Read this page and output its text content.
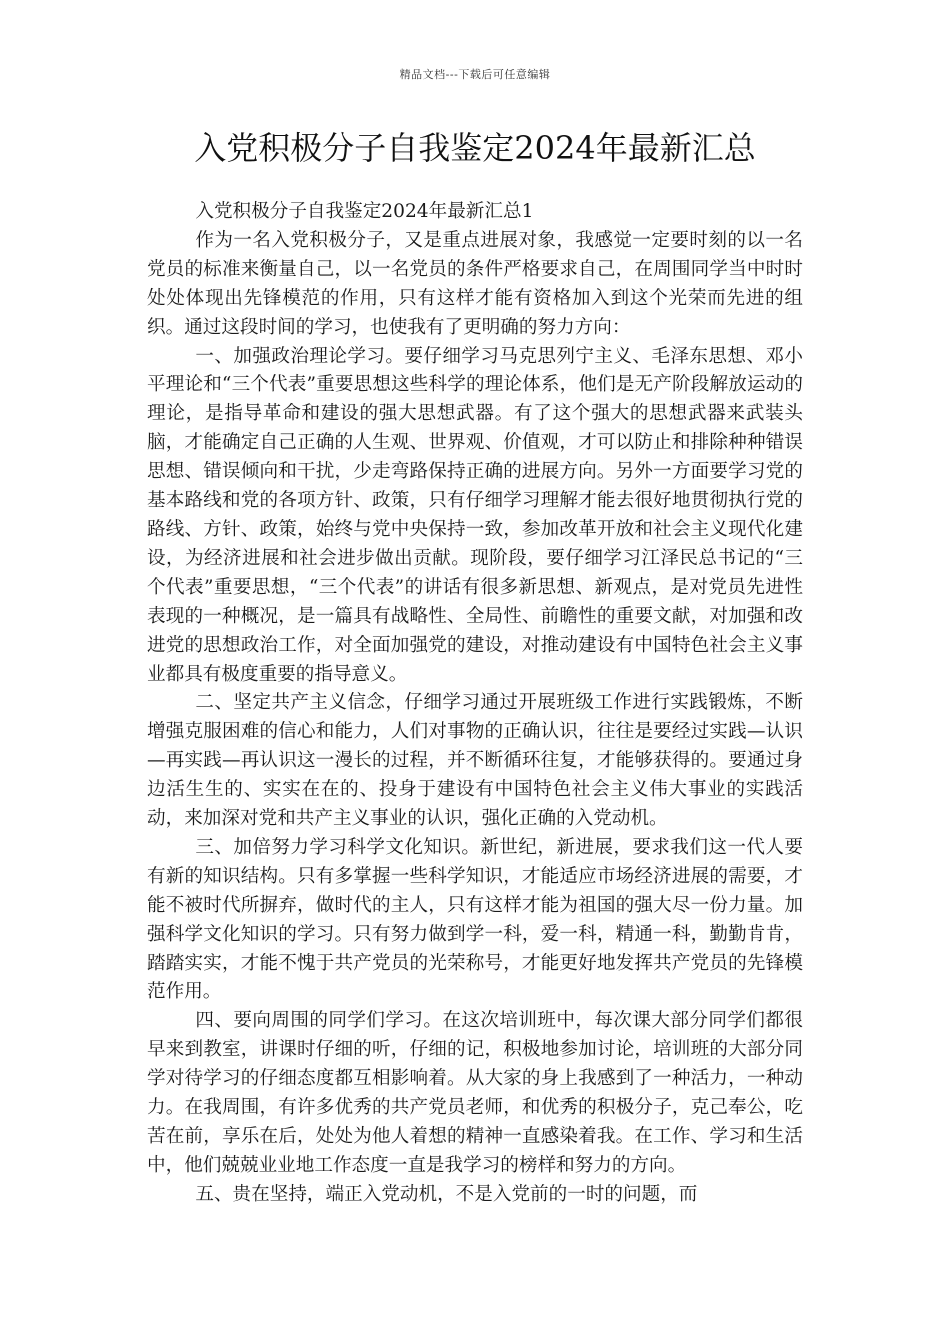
精品文档---下载后可任意编辑
入党积极分子自我鉴定2024年最新汇总

入党积极分子自我鉴定2024年最新汇总1

作为一名入党积极分子，又是重点进展对象，我感觉一定要时刻的以一名党员的标准来衡量自己，以一名党员的条件严格要求自己，在周围同学当中时时处处体现出先锋模范的作用，只有这样才能有资格加入到这个光荣而先进的组织。通过这段时间的学习，也使我有了更明确的努力方向：

一、加强政治理论学习。要仔细学习马克思列宁主义、毛泽东思想、邓小平理论和“三个代表”重要思想这些科学的理论体系，他们是无产阶段解放运动的理论，是指导革命和建设的强大思想武器。有了这个强大的思想武器来武装头脑，才能确定自己正确的人生观、世界观、价值观，才可以防止和排除种种错误思想、错误倾向和干扰，少走弯路保持正确的进展方向。另外一方面要学习党的基本路线和党的各项方针、政策，只有仔细学习理解才能去很好地贯彻执行党的路线、方针、政策，始终与党中央保持一致，参加改革开放和社会主义现代化建设，为经济进展和社会进步做出贡献。现阶段，要仔细学习江泽民总书记的“三个代表”重要思想，“三个代表”的讲话有很多新思想、新观点，是对党员先进性表现的一种概况，是一篇具有战略性、全局性、前瞻性的重要文献，对加强和改进党的思想政治工作，对全面加强党的建设，对推动建设有中国特色社会主义事业都具有极度重要的指导意义。

二、坚定共产主义信念，仔细学习通过开展班级工作进行实践锻炼，不断增强克服困难的信心和能力，人们对事物的正确认识，往往是要经过实践—认识—再实践—再认识这一漫长的过程，并不断循环往复，才能够获得的。要通过身边活生生的、实实在在的、投身于建设有中国特色社会主义伟大事业的实践活动，来加深对党和共产主义事业的认识，强化正确的入党动机。

三、加倍努力学习科学文化知识。新世纪，新进展，要求我们这一代人要有新的知识结构。只有多掌握一些科学知识，才能适应市场经济进展的需要，才能不被时代所摒弃，做时代的主人，只有这样才能为祖国的强大尽一份力量。加强科学文化知识的学习。只有努力做到学一科，爱一科，精通一科，勤勤肯肯，踏踏实实，才能不愧于共产党员的光荣称号，才能更好地发挥共产党员的先锋模范作用。

四、要向周围的同学们学习。在这次培训班中，每次课大部分同学们都很早来到教室，讲课时仔细的听，仔细的记，积极地参加讨论，培训班的大部分同学对待学习的仔细态度都互相影响着。从大家的身上我感到了一种活力，一种动力。在我周围，有许多优秀的共产党员老师，和优秀的积极分子，克己奉公，吃苦在前，享乐在后，处处为他人着想的精神一直感染着我。在工作、学习和生活中，他们兢兢业业地工作态度一直是我学习的榜样和努力的方向。

五、贵在坚持，端正入党动机，不是入党前的一时的问题，而
